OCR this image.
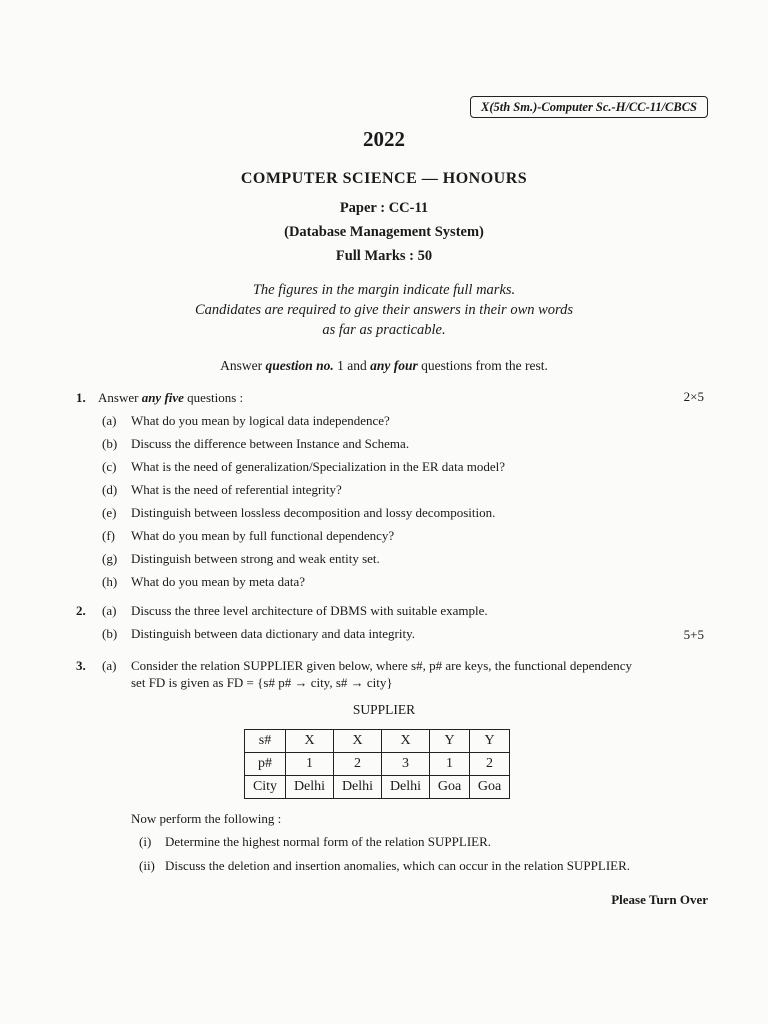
X(5th Sm.)-Computer Sc.-H/CC-11/CBCS
2022
COMPUTER SCIENCE — HONOURS
Paper : CC-11
(Database Management System)
Full Marks : 50
The figures in the margin indicate full marks.
Candidates are required to give their answers in their own words
as far as practicable.
Answer question no. 1 and any four questions from the rest.
1. Answer any five questions :	2×5
(a)	What do you mean by logical data independence?
(b)	Discuss the difference between Instance and Schema.
(c)	What is the need of generalization/Specialization in the ER data model?
(d)	What is the need of referential integrity?
(e)	Distinguish between lossless decomposition and lossy decomposition.
(f)	What do you mean by full functional dependency?
(g)	Distinguish between strong and weak entity set.
(h)	What do you mean by meta data?
2.	(a)	Discuss the three level architecture of DBMS with suitable example.
(b)	Distinguish between data dictionary and data integrity.	5+5
3.	(a)	Consider the relation SUPPLIER given below, where s#, p# are keys, the functional dependency
set FD is given as FD = {s# p# → city, s# → city}
SUPPLIER
s#	X	X	X	Y	Y
p#	1	2	3	1	2
City	Delhi	Delhi	Delhi	Goa	Goa
Now perform the following :
(i)	Determine the highest normal form of the relation SUPPLIER.
(ii) Discuss the deletion and insertion anomalies, which can occur in the relation SUPPLIER.
Please Turn Over
